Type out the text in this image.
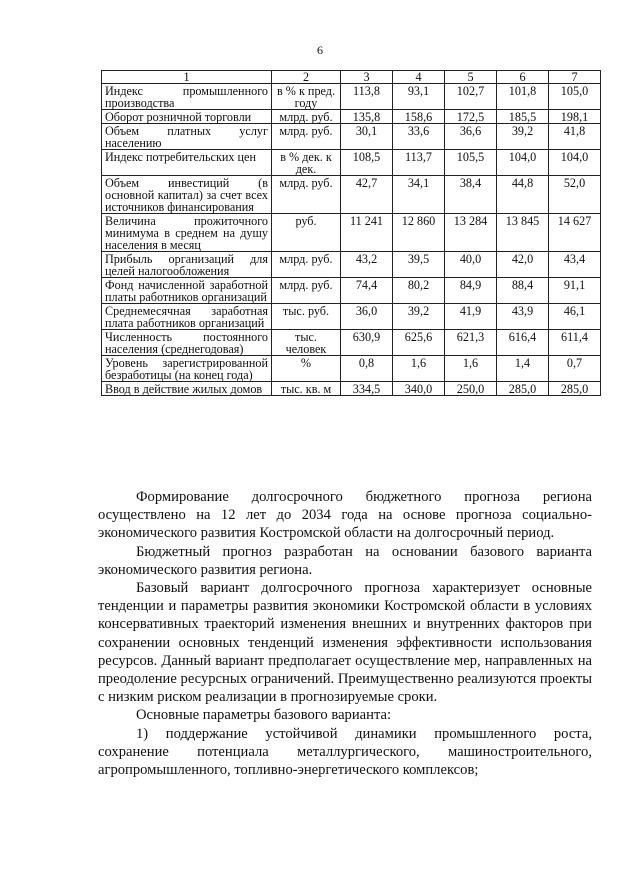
6
1	2	3	4	5	6	7
Индекс промышленного производства	в % к пред. году	113,8	93,1	102,7	101,8	105,0
Оборот розничной торговли	млрд. руб.	135,8	158,6	172,5	185,5	198,1
Объем платных услуг населению	млрд. руб.	30,1	33,6	36,6	39,2	41,8
Индекс потребительских цен	в % дек. к дек.	108,5	113,7	105,5	104,0	104,0
Объем инвестиций (в основной капитал) за счет всех источников финансирования	млрд. руб.	42,7	34,1	38,4	44,8	52,0
Величина прожиточного минимума в среднем на душу населения в месяц	руб.	11 241	12 860	13 284	13 845	14 627
Прибыль организаций для целей налогообложения	млрд. руб.	43,2	39,5	40,0	42,0	43,4
Фонд начисленной заработной платы работников организаций	млрд. руб.	74,4	80,2	84,9	88,4	91,1
Среднемесячная заработная плата работников организаций	тыс. руб.	36,0	39,2	41,9	43,9	46,1
Численность постоянного населения (среднегодовая)	тыс. человек	630,9	625,6	621,3	616,4	611,4
Уровень зарегистрированной безработицы (на конец года)	%	0,8	1,6	1,6	1,4	0,7
Ввод в действие жилых домов	тыс. кв. м	334,5	340,0	250,0	285,0	285,0

Формирование долгосрочного бюджетного прогноза региона осуществлено на 12 лет до 2034 года на основе прогноза социально-экономического развития Костромской области на долгосрочный период.

Бюджетный прогноз разработан на основании базового варианта экономического развития региона.

Базовый вариант долгосрочного прогноза характеризует основные тенденции и параметры развития экономики Костромской области в условиях консервативных траекторий изменения внешних и внутренних факторов при сохранении основных тенденций изменения эффективности использования ресурсов. Данный вариант предполагает осуществление мер, направленных на преодоление ресурсных ограничений. Преимущественно реализуются проекты с низким риском реализации в прогнозируемые сроки.

Основные параметры базового варианта:

1) поддержание устойчивой динамики промышленного роста, сохранение потенциала металлургического, машиностроительного, агропромышленного, топливно-энергетического комплексов;
